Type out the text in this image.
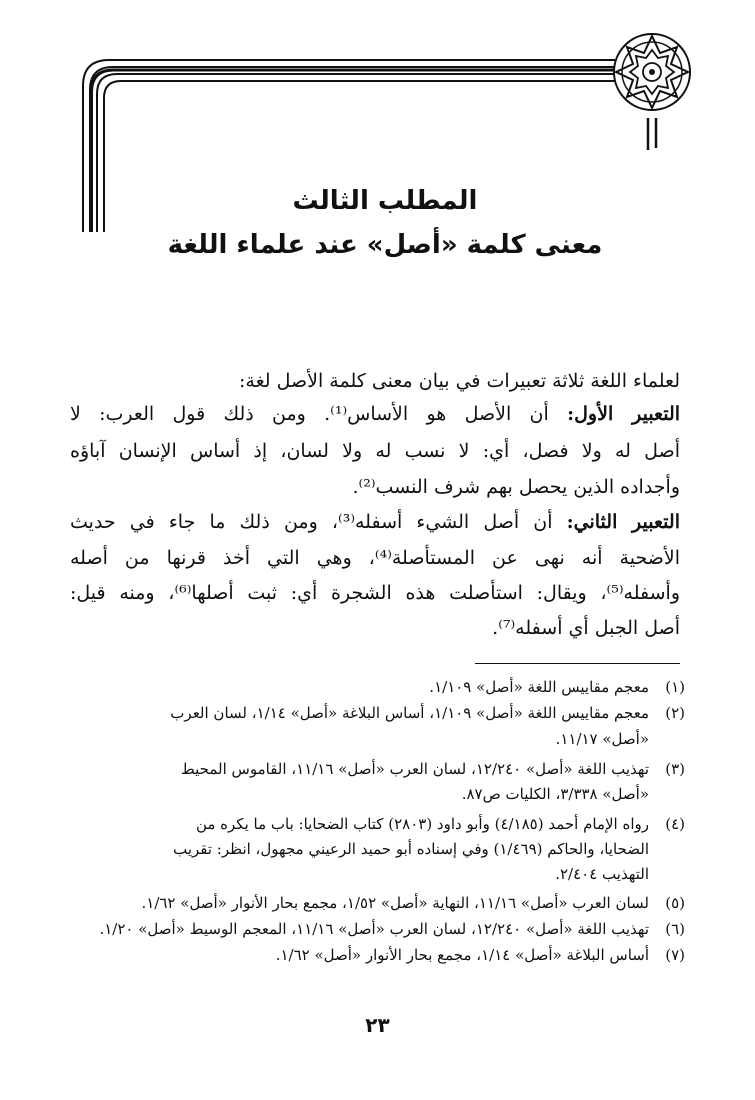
المطلب الثالث
معنى كلمة «أصل» عند علماء اللغة
لعلماء اللغة ثلاثة تعبيرات في بيان معنى كلمة الأصل لغة:
التعبير الأول: أن الأصل هو الأساس⁽¹⁾. ومن ذلك قول العرب: لا
أصل له ولا فصل، أي: لا نسب له ولا لسان، إذ أساس الإنسان آباؤه
وأجداده الذين يحصل بهم شرف النسب⁽²⁾.
التعبير الثاني: أن أصل الشيء أسفله⁽³⁾، ومن ذلك ما جاء في حديث
الأضحية أنه نهى عن المستأصلة⁽⁴⁾، وهي التي أخذ قرنها من أصله
وأسفله⁽⁵⁾، ويقال: استأصلت هذه الشجرة أي: ثبت أصلها⁽⁶⁾، ومنه قيل:
أصل الجبل أي أسفله⁽⁷⁾.
(١)
معجم مقاييس اللغة «أصل» ١/١٠٩.
(٢)
معجم مقاييس اللغة «أصل» ١/١٠٩، أساس البلاغة «أصل» ١/١٤، لسان العرب
«أصل» ١١/١٧.
(٣)
تهذيب اللغة «أصل» ١٢/٢٤٠، لسان العرب «أصل» ١١/١٦، القاموس المحيط
«أصل» ٣/٣٣٨، الكليات ص٨٧.
(٤)
رواه الإمام أحمد (٤/١٨٥) وأبو داود (٢٨٠٣) كتاب الضحايا: باب ما يكره من
الضحايا، والحاكم (١/٤٦٩) وفي إسناده أبو حميد الرعيني مجهول، انظر: تقريب
التهذيب ٢/٤٠٤.
(٥)
لسان العرب «أصل» ١١/١٦، النهاية «أصل» ١/٥٢، مجمع بحار الأنوار «أصل» ١/٦٢.
(٦)
تهذيب اللغة «أصل» ١٢/٢٤٠، لسان العرب «أصل» ١١/١٦، المعجم الوسيط «أصل» ١/٢٠.
(٧)
أساس البلاغة «أصل» ١/١٤، مجمع بحار الأنوار «أصل» ١/٦٢.
٢٣
